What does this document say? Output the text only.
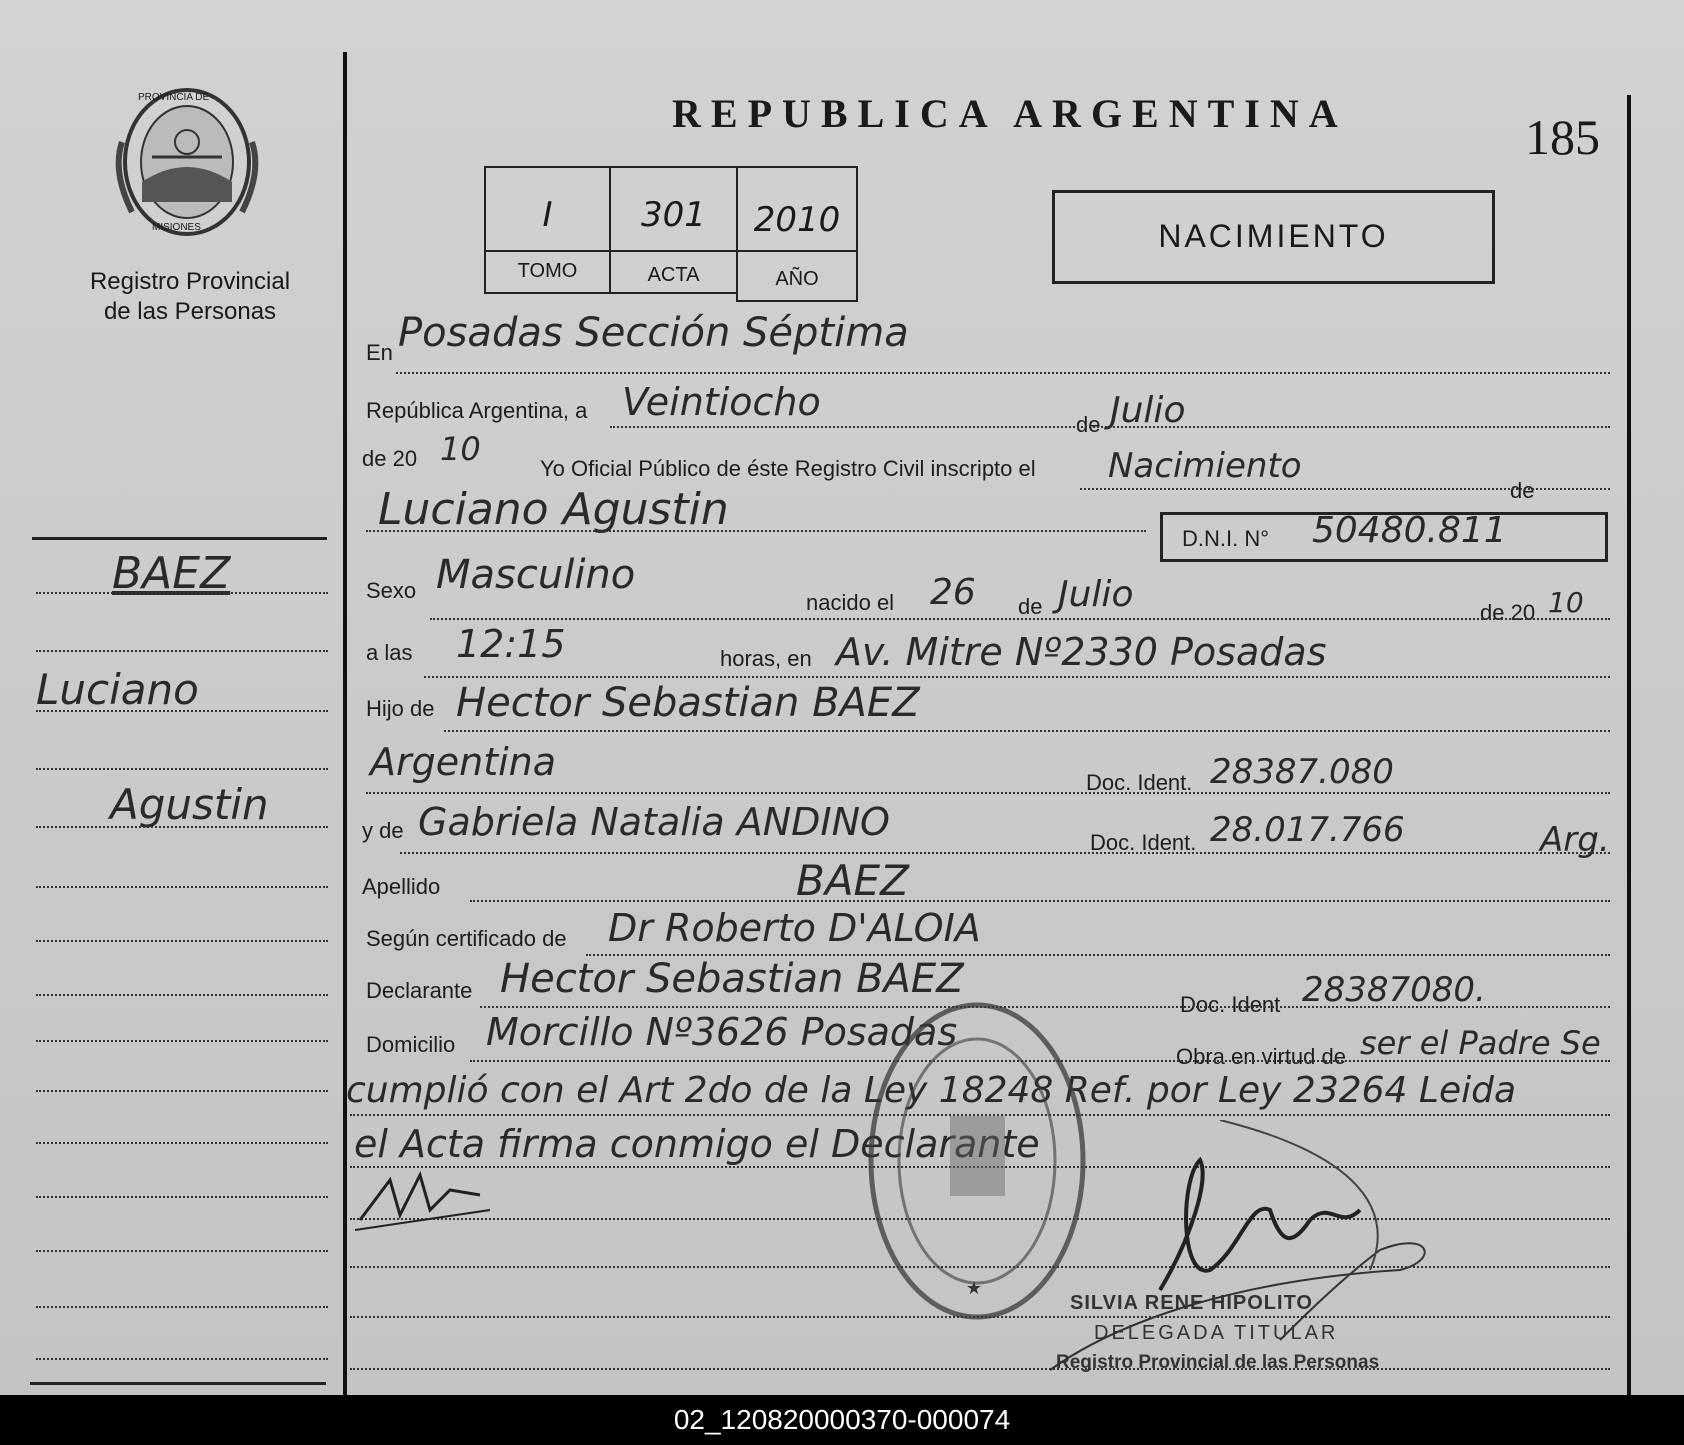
PROVINCIA DE
MISIONES
Registro Provincial
de las Personas
REPUBLICA ARGENTINA	185
I	301	2010
TOMO	ACTA	AÑO
NACIMIENTO
BAEZ
Luciano
Agustin
En Posadas Sección Séptima
República Argentina, a Veintiocho
de Julio
de 20 10
Yo Oficial Público de éste Registro Civil inscripto el Nacimiento
de
Luciano Agustin
D.N.I. N° 50480.811
Sexo Masculino
nacido el 26 de Julio	de 20 10
a las 12:15	horas, en Av. Mitre Nº2330 Posadas
Hijo de Hector Sebastian BAEZ
Argentina	Doc. Ident. 28387.080
y de Gabriela Natalia ANDINO	Doc. Ident. 28.017.766	Arg.
Apellido	BAEZ
Según certificado de Dr Roberto D'ALOIA
Declarante Hector Sebastian BAEZ
Doc. Ident 28387080.
Domicilio Morcillo Nº3626 Posadas
Obra en virtud de ser el Padre Se
cumplió con el Art 2do de la Ley 18248 Ref. por Ley 23264 Leida
el Acta firma conmigo el Declarante
★
SILVIA RENE HIPOLITO
DELEGADA TITULAR
Registro Provincial de las Personas
02_120820000370-000074
